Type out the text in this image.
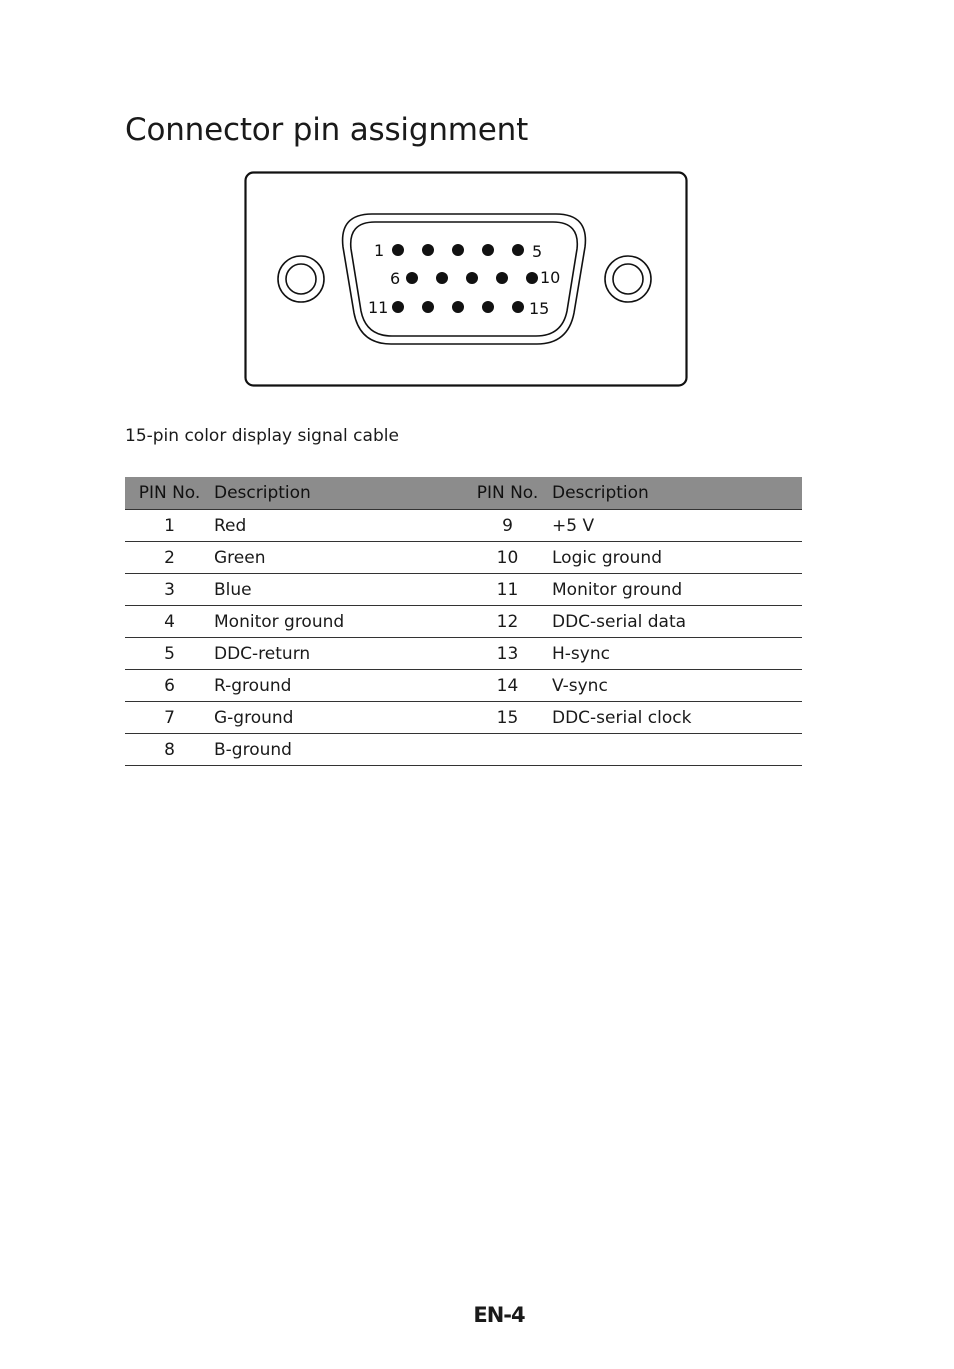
Connector pin assignment
1	5
6	10
11	15
15-pin color display signal cable
PIN No.	Description	PIN No.	Description
1	Red	9	+5 V
2	Green	10	Logic ground
3	Blue	11	Monitor ground
4	Monitor ground	12	DDC-serial data
5	DDC-return	13	H-sync
6	R-ground	14	V-sync
7	G-ground	15	DDC-serial clock
8	B-ground		
EN-4
